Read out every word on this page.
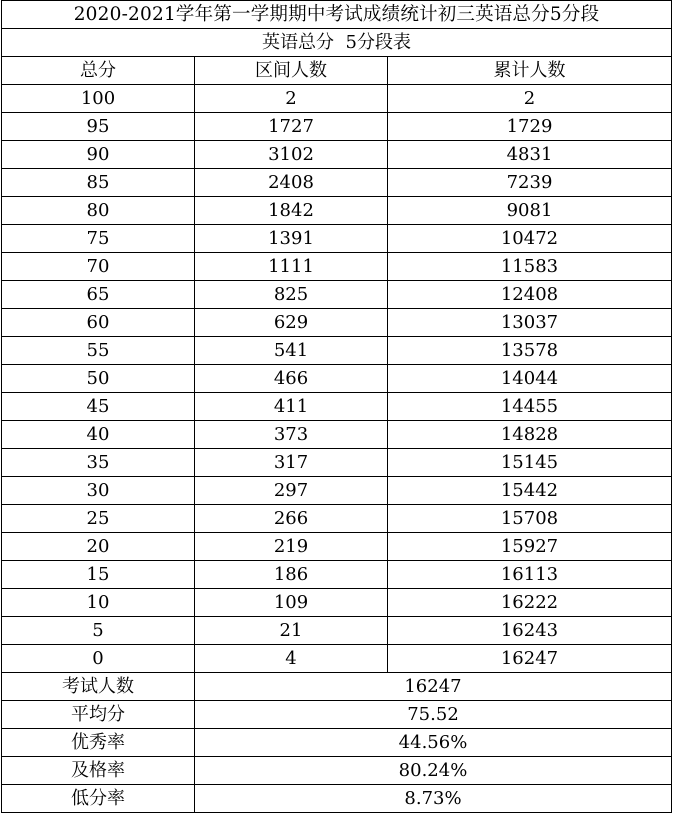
2020-2021学年第一学期期中考试成绩统计初三英语总分5分段		
英语总分  5分段表		
总分	区间人数	累计人数
100	2	2
95	1727	1729
90	3102	4831
85	2408	7239
80	1842	9081
75	1391	10472
70	1111	11583
65	825	12408
60	629	13037
55	541	13578
50	466	14044
45	411	14455
40	373	14828
35	317	15145
30	297	15442
25	266	15708
20	219	15927
15	186	16113
10	109	16222
5	21	16243
0	4	16247
考试人数	16247	
平均分	75.52	
优秀率	44.56%	
及格率	80.24%	
低分率	8.73%	
